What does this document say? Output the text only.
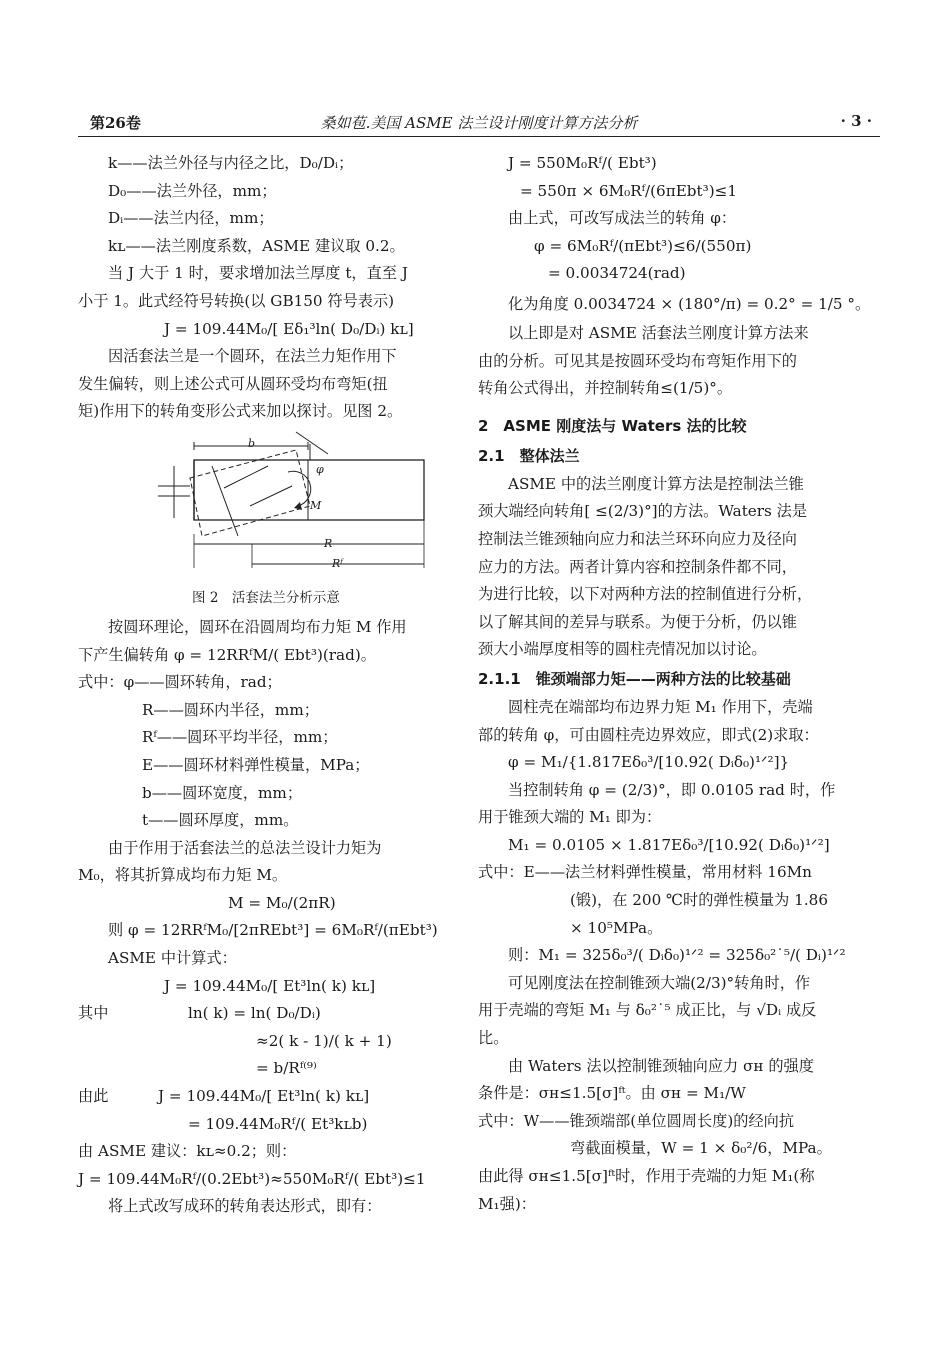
第26卷	桑如苞.美国 ASME 法兰设计刚度计算方法分析	· 3 ·
k——法兰外径与内径之比，D₀/Dᵢ；
D₀——法兰外径，mm；
Dᵢ——法兰内径，mm；
kʟ——法兰刚度系数，ASME 建议取 0.2。
当 J 大于 1 时，要求增加法兰厚度 t，直至 J
小于 1。此式经符号转换(以 GB150 符号表示)
J = 109.44M₀/[ Eδ₁³ln( D₀/Dᵢ) kʟ]
因活套法兰是一个圆环，在法兰力矩作用下
发生偏转，则上述公式可从圆环受均布弯矩(扭
矩)作用下的转角变形公式来加以探讨。见图 2。
b
φ
M
R
Rᶠ
图 2　活套法兰分析示意
按圆环理论，圆环在沿圆周均布力矩 M 作用
下产生偏转角 φ = 12RRᶠM/( Ebt³)(rad)。
式中：φ——圆环转角，rad；
R——圆环内半径，mm；
Rᶠ——圆环平均半径，mm；
E——圆环材料弹性模量，MPa；
b——圆环宽度，mm；
t——圆环厚度，mm。
由于作用于活套法兰的总法兰设计力矩为
M₀，将其折算成均布力矩 M。
M = M₀/(2πR)
则 φ = 12RRᶠM₀/[2πREbt³] = 6M₀Rᶠ/(πEbt³)
ASME 中计算式：
J = 109.44M₀/[ Et³ln( k) kʟ]
其中	ln( k) = ln( D₀/Dᵢ)
≈2( k - 1)/( k + 1)
= b/Rᶠ⁽⁹⁾
由此	J = 109.44M₀/[ Et³ln( k) kʟ]
= 109.44M₀Rᶠ/( Et³kʟb)
由 ASME 建议：kʟ≈0.2；则：
J = 109.44M₀Rᶠ/(0.2Ebt³)≈550M₀Rᶠ/( Ebt³)≤1
将上式改写成环的转角表达形式，即有：
J = 550M₀Rᶠ/( Ebt³)
= 550π × 6M₀Rᶠ/(6πEbt³)≤1
由上式，可改写成法兰的转角 φ：
φ = 6M₀Rᶠ/(πEbt³)≤6/(550π)
= 0.0034724(rad)
化为角度 0.0034724 × (180°/π) = 0.2° = 1/5 °。
以上即是对 ASME 活套法兰刚度计算方法来
由的分析。可见其是按圆环受均布弯矩作用下的
转角公式得出，并控制转角≤(1/5)°。
2　ASME 刚度法与 Waters 法的比较
2.1　整体法兰
ASME 中的法兰刚度计算方法是控制法兰锥
颈大端经向转角[ ≤(2/3)°]的方法。Waters 法是
控制法兰锥颈轴向应力和法兰环环向应力及径向
应力的方法。两者计算内容和控制条件都不同，
为进行比较，以下对两种方法的控制值进行分析，
以了解其间的差异与联系。为便于分析，仍以锥
颈大小端厚度相等的圆柱壳情况加以讨论。
2.1.1　锥颈端部力矩——两种方法的比较基础
圆柱壳在端部均布边界力矩 M₁ 作用下，壳端
部的转角 φ，可由圆柱壳边界效应，即式(2)求取：
φ = M₁/{1.817Eδ₀³/[10.92( Dᵢδ₀)¹ᐟ²]}
当控制转角 φ = (2/3)°，即 0.0105 rad 时，作
用于锥颈大端的 M₁ 即为：
M₁ = 0.0105 × 1.817Eδ₀³/[10.92( Dᵢδ₀)¹ᐟ²]
式中：E——法兰材料弹性模量，常用材料 16Mn
(锻)，在 200 ℃时的弹性模量为 1.86
× 10⁵MPa。
则：M₁ = 325δ₀³/( Dᵢδ₀)¹ᐟ² = 325δ₀²˙⁵/( Dᵢ)¹ᐟ²
可见刚度法在控制锥颈大端(2/3)°转角时，作
用于壳端的弯矩 M₁ 与 δ₀²˙⁵ 成正比，与 √Dᵢ 成反
比。
由 Waters 法以控制锥颈轴向应力 σʜ 的强度
条件是：σʜ≤1.5[σ]ᶠᵗ。由 σʜ = M₁/W
式中：W——锥颈端部(单位圆周长度)的经向抗
弯截面模量，W = 1 × δ₀²/6，MPa。
由此得 σʜ≤1.5[σ]ᶠᵗ时，作用于壳端的力矩 M₁(称
M₁强)：
